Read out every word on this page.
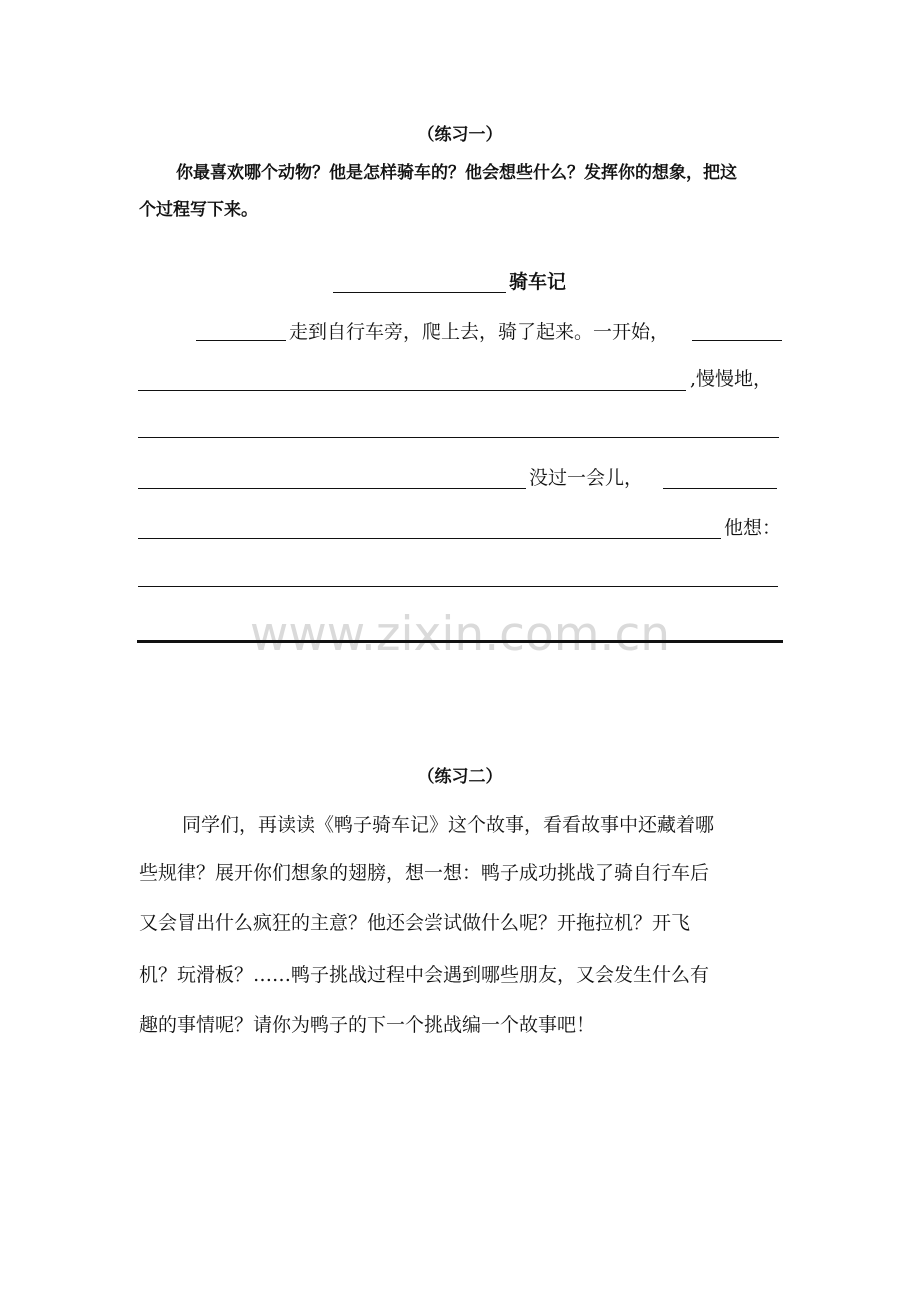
www.zixin.com.cn
（练习一）
你最喜欢哪个动物？他是怎样骑车的？他会想些什么？发挥你的想象，把这
个过程写下来。
骑车记
走到自行车旁，爬上去，骑了起来。一开始，
,慢慢地，
没过一会儿，
他想：
（练习二）
同学们，再读读《鸭子骑车记》这个故事，看看故事中还藏着哪
些规律？展开你们想象的翅膀，想一想：鸭子成功挑战了骑自行车后
又会冒出什么疯狂的主意？他还会尝试做什么呢？开拖拉机？开飞
机？玩滑板？……鸭子挑战过程中会遇到哪些朋友，又会发生什么有
趣的事情呢？请你为鸭子的下一个挑战编一个故事吧！
